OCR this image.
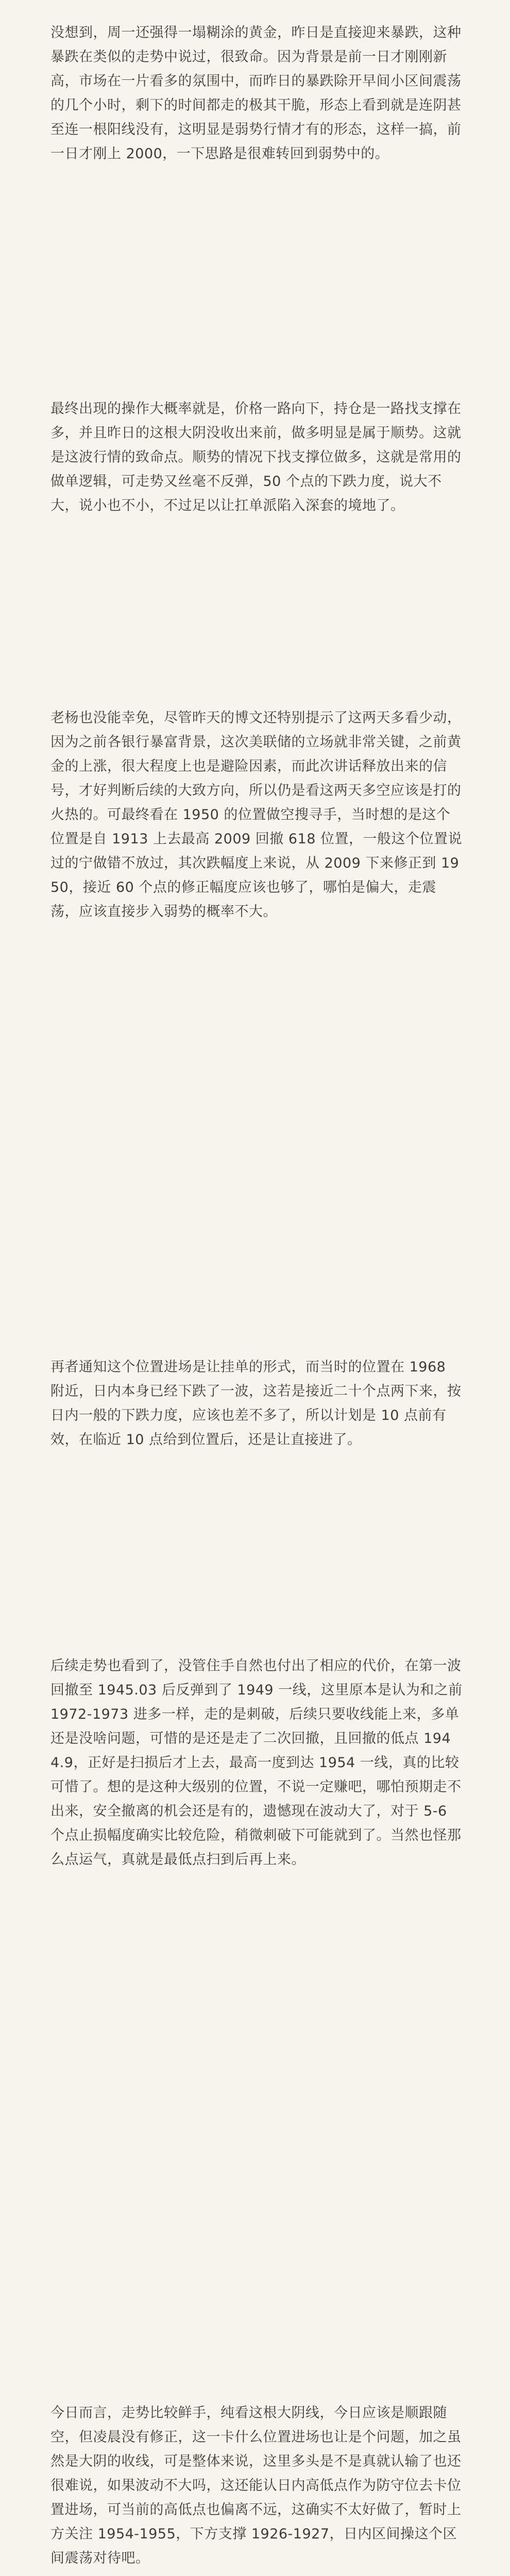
没想到，周一还强得一塌糊涂的黄金，昨日是直接迎来暴跌，这种暴跌在类似的走势中说过，很致命。因为背景是前一日才刚刚新高，市场在一片看多的氛围中，而昨日的暴跌除开早间小区间震荡的几个小时，剩下的时间都走的极其干脆，形态上看到就是连阴甚至连一根阳线没有，这明显是弱势行情才有的形态，这样一搞，前一日才刚上 2000，一下思路是很难转回到弱势中的。
最终出现的操作大概率就是，价格一路向下，持仓是一路找支撑在多，并且昨日的这根大阴没收出来前，做多明显是属于顺势。这就是这波行情的致命点。顺势的情况下找支撑位做多，这就是常用的做单逻辑，可走势又丝毫不反弹，50 个点的下跌力度，说大不大，说小也不小，不过足以让扛单派陷入深套的境地了。
老杨也没能幸免，尽管昨天的博文还特别提示了这两天多看少动，因为之前各银行暴富背景，这次美联储的立场就非常关键，之前黄金的上涨，很大程度上也是避险因素，而此次讲话释放出来的信号，才好判断后续的大致方向，所以仍是看这两天多空应该是打的火热的。可最终看在 1950 的位置做空搜寻手，当时想的是这个位置是自 1913 上去最高 2009 回撤 618 位置，一般这个位置说过的宁做错不放过，其次跌幅度上来说，从 2009 下来修正到 1950，接近 60 个点的修正幅度应该也够了，哪怕是偏大，走震荡，应该直接步入弱势的概率不大。
再者通知这个位置进场是让挂单的形式，而当时的位置在 1968 附近，日内本身已经下跌了一波，这若是接近二十个点两下来，按日内一般的下跌力度，应该也差不多了，所以计划是 10 点前有效，在临近 10 点给到位置后，还是让直接进了。
后续走势也看到了，没管住手自然也付出了相应的代价，在第一波回撤至 1945.03 后反弹到了 1949 一线，这里原本是认为和之前 1972-1973 进多一样，走的是刺破，后续只要收线能上来，多单还是没啥问题，可惜的是还是走了二次回撤，且回撤的低点 1944.9，正好是扫损后才上去，最高一度到达 1954 一线，真的比较可惜了。想的是这种大级别的位置，不说一定赚吧，哪怕预期走不出来，安全撤离的机会还是有的，遗憾现在波动大了，对于 5-6 个点止损幅度确实比较危险，稍微刺破下可能就到了。当然也怪那么点运气，真就是最低点扫到后再上来。
今日而言，走势比较鲜手，纯看这根大阴线，今日应该是顺跟随空，但凌晨没有修正，这一卡什么位置进场也让是个问题，加之虽然是大阴的收线，可是整体来说，这里多头是不是真就认输了也还很难说，如果波动不大吗，这还能认日内高低点作为防守位去卡位置进场，可当前的高低点也偏离不远，这确实不太好做了，暂时上方关注 1954-1955，下方支撑 1926-1927，日内区间操这个区间震荡对待吧。
